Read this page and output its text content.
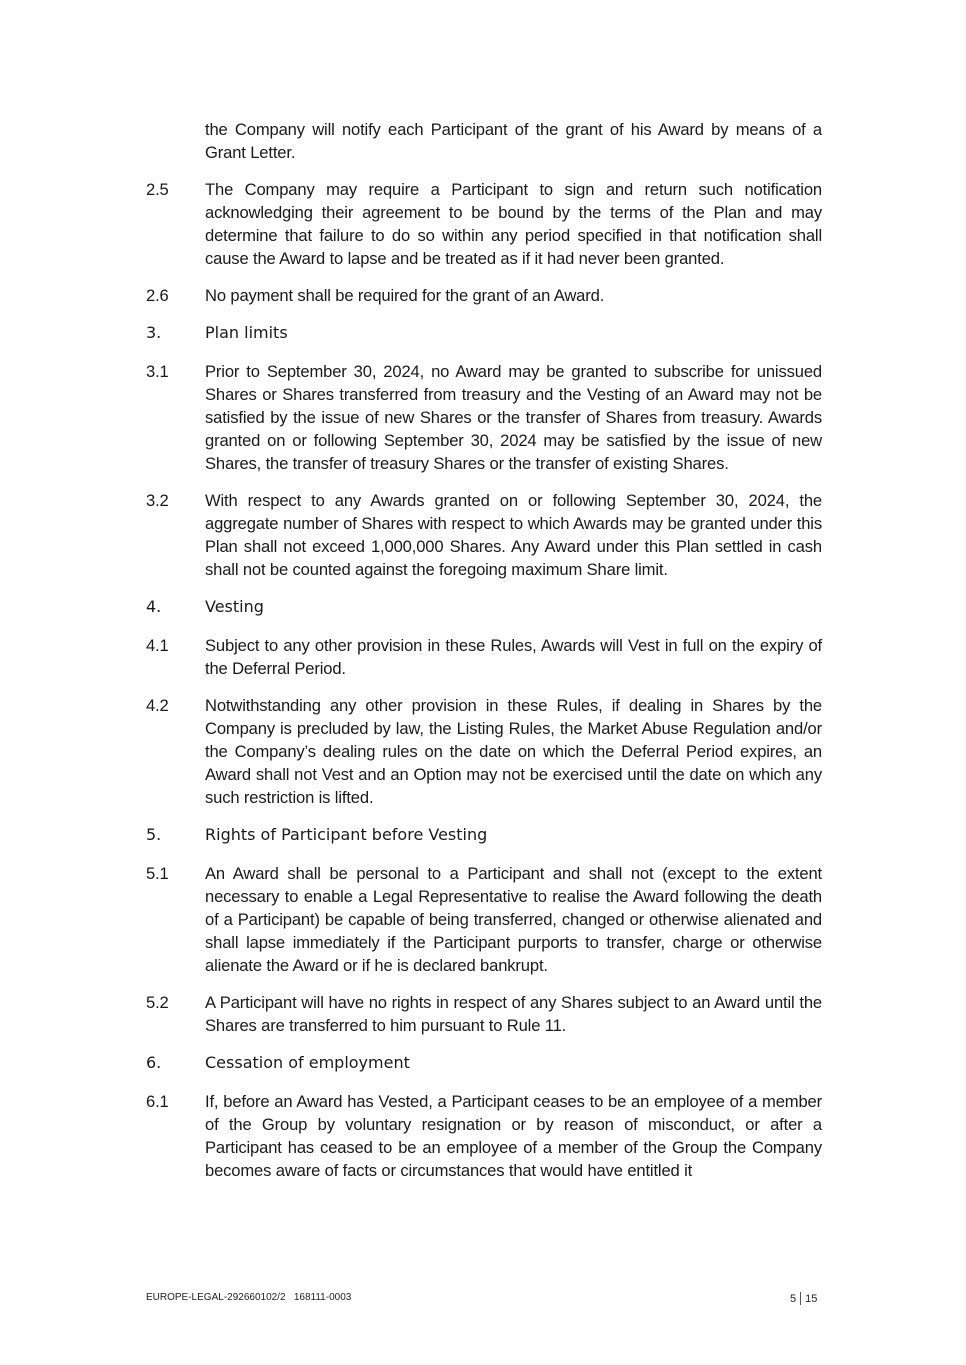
the Company will notify each Participant of the grant of his Award by means of a Grant Letter.
2.5	The Company may require a Participant to sign and return such notification acknowledging their agreement to be bound by the terms of the Plan and may determine that failure to do so within any period specified in that notification shall cause the Award to lapse and be treated as if it had never been granted.
2.6	No payment shall be required for the grant of an Award.
3.	Plan limits
3.1	Prior to September 30, 2024, no Award may be granted to subscribe for unissued Shares or Shares transferred from treasury and the Vesting of an Award may not be satisfied by the issue of new Shares or the transfer of Shares from treasury. Awards granted on or following September 30, 2024 may be satisfied by the issue of new Shares, the transfer of treasury Shares or the transfer of existing Shares.
3.2	With respect to any Awards granted on or following September 30, 2024, the aggregate number of Shares with respect to which Awards may be granted under this Plan shall not exceed 1,000,000 Shares. Any Award under this Plan settled in cash shall not be counted against the foregoing maximum Share limit.
4.	Vesting
4.1	Subject to any other provision in these Rules, Awards will Vest in full on the expiry of the Deferral Period.
4.2	Notwithstanding any other provision in these Rules, if dealing in Shares by the Company is precluded by law, the Listing Rules, the Market Abuse Regulation and/or the Company’s dealing rules on the date on which the Deferral Period expires, an Award shall not Vest and an Option may not be exercised until the date on which any such restriction is lifted.
5.	Rights of Participant before Vesting
5.1	An Award shall be personal to a Participant and shall not (except to the extent necessary to enable a Legal Representative to realise the Award following the death of a Participant) be capable of being transferred, changed or otherwise alienated and shall lapse immediately if the Participant purports to transfer, charge or otherwise alienate the Award or if he is declared bankrupt.
5.2	A Participant will have no rights in respect of any Shares subject to an Award until the Shares are transferred to him pursuant to Rule 11.
6.	Cessation of employment
6.1	If, before an Award has Vested, a Participant ceases to be an employee of a member of the Group by voluntary resignation or by reason of misconduct, or after a Participant has ceased to be an employee of a member of the Group the Company becomes aware of facts or circumstances that would have entitled it
EUROPE-LEGAL-292660102/2   168111-0003	5 15
